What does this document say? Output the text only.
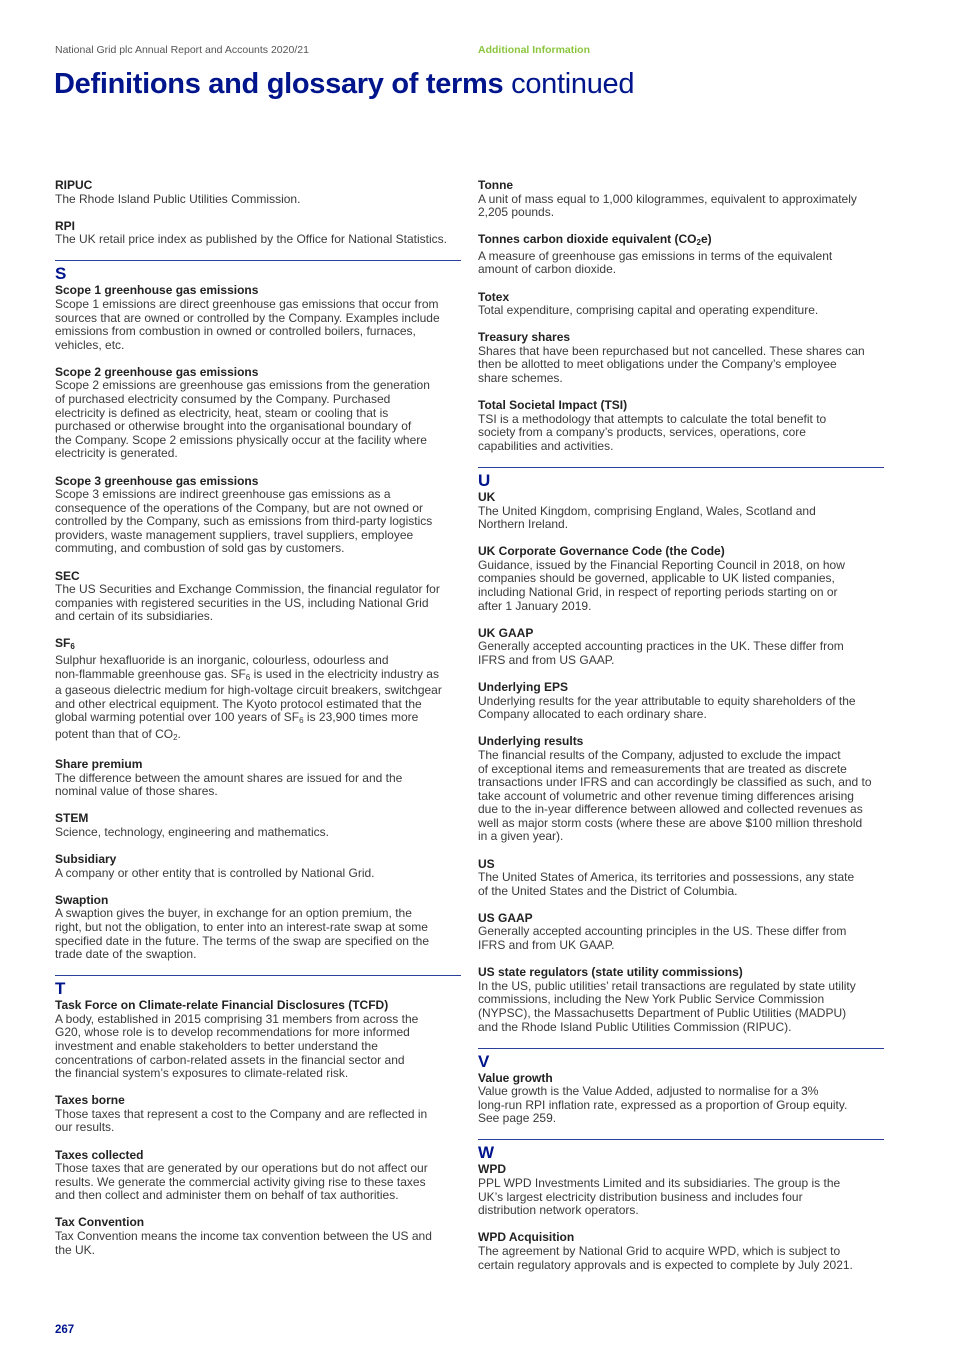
National Grid plc Annual Report and Accounts 2020/21	Additional Information
Definitions and glossary of terms continued

RIPUC

The Rhode Island Public Utilities Commission.

RPI

The UK retail price index as published by the Office for National Statistics.

S

Scope 1 greenhouse gas emissions

Scope 1 emissions are direct greenhouse gas emissions that occur from

sources that are owned or controlled by the Company. Examples include

emissions from combustion in owned or controlled boilers, furnaces,

vehicles, etc.

Scope 2 greenhouse gas emissions

Scope 2 emissions are greenhouse gas emissions from the generation

of purchased electricity consumed by the Company. Purchased

electricity is defined as electricity, heat, steam or cooling that is

purchased or otherwise brought into the organisational boundary of

the Company. Scope 2 emissions physically occur at the facility where

electricity is generated.

Scope 3 greenhouse gas emissions

Scope 3 emissions are indirect greenhouse gas emissions as a

consequence of the operations of the Company, but are not owned or

controlled by the Company, such as emissions from third-party logistics

providers, waste management suppliers, travel suppliers, employee

commuting, and combustion of sold gas by customers.

SEC

The US Securities and Exchange Commission, the financial regulator for

companies with registered securities in the US, including National Grid

and certain of its subsidiaries.

$SF_6$

Sulphur hexafluoride is an inorganic, colourless, odourless and

non-flammable greenhouse gas. $SF_6$ is used in the electricity industry as

a gaseous dielectric medium for high-voltage circuit breakers, switchgear

and other electrical equipment. The Kyoto protocol estimated that the

global warming potential over 100 years of $SF_6$ is 23,900 times more

potent than that of $CO_2$.

Share premium

The difference between the amount shares are issued for and the

nominal value of those shares.

STEM

Science, technology, engineering and mathematics.

Subsidiary

A company or other entity that is controlled by National Grid.

Swaption

A swaption gives the buyer, in exchange for an option premium, the

right, but not the obligation, to enter into an interest-rate swap at some

specified date in the future. The terms of the swap are specified on the

trade date of the swaption.

T

Task Force on Climate-relate Financial Disclosures (TCFD)

A body, established in 2015 comprising 31 members from across the

G20, whose role is to develop recommendations for more informed

investment and enable stakeholders to better understand the

concentrations of carbon-related assets in the financial sector and

the financial system’s exposures to climate-related risk.

Taxes borne

Those taxes that represent a cost to the Company and are reflected in

our results.

Taxes collected

Those taxes that are generated by our operations but do not affect our

results. We generate the commercial activity giving rise to these taxes

and then collect and administer them on behalf of tax authorities.

Tax Convention

Tax Convention means the income tax convention between the US and

the UK.

Tonne

A unit of mass equal to 1,000 kilogrammes, equivalent to approximately

2,205 pounds.

Tonnes carbon dioxide equivalent $(CO_2e)$

A measure of greenhouse gas emissions in terms of the equivalent

amount of carbon dioxide.

Totex

Total expenditure, comprising capital and operating expenditure.

Treasury shares

Shares that have been repurchased but not cancelled. These shares can

then be allotted to meet obligations under the Company’s employee

share schemes.

Total Societal Impact (TSI)

TSI is a methodology that attempts to calculate the total benefit to

society from a company’s products, services, operations, core

capabilities and activities.

U

UK

The United Kingdom, comprising England, Wales, Scotland and

Northern Ireland.

UK Corporate Governance Code (the Code)

Guidance, issued by the Financial Reporting Council in 2018, on how

companies should be governed, applicable to UK listed companies,

including National Grid, in respect of reporting periods starting on or

after 1 January 2019.

UK GAAP

Generally accepted accounting practices in the UK. These differ from

IFRS and from US GAAP.

Underlying EPS

Underlying results for the year attributable to equity shareholders of the

Company allocated to each ordinary share.

Underlying results

The financial results of the Company, adjusted to exclude the impact

of exceptional items and remeasurements that are treated as discrete

transactions under IFRS and can accordingly be classified as such, and to

take account of volumetric and other revenue timing differences arising

due to the in-year difference between allowed and collected revenues as

well as major storm costs (where these are above $100 million threshold

in a given year).

US

The United States of America, its territories and possessions, any state

of the United States and the District of Columbia.

US GAAP

Generally accepted accounting principles in the US. These differ from

IFRS and from UK GAAP.

US state regulators (state utility commissions)

In the US, public utilities’ retail transactions are regulated by state utility

commissions, including the New York Public Service Commission

(NYPSC), the Massachusetts Department of Public Utilities (MADPU)

and the Rhode Island Public Utilities Commission (RIPUC).

V

Value growth

Value growth is the Value Added, adjusted to normalise for a 3%

long-run RPI inflation rate, expressed as a proportion of Group equity.

See page 259.

W

WPD

PPL WPD Investments Limited and its subsidiaries. The group is the

UK’s largest electricity distribution business and includes four

distribution network operators.

WPD Acquisition

The agreement by National Grid to acquire WPD, which is subject to

certain regulatory approvals and is expected to complete by July 2021.

267
